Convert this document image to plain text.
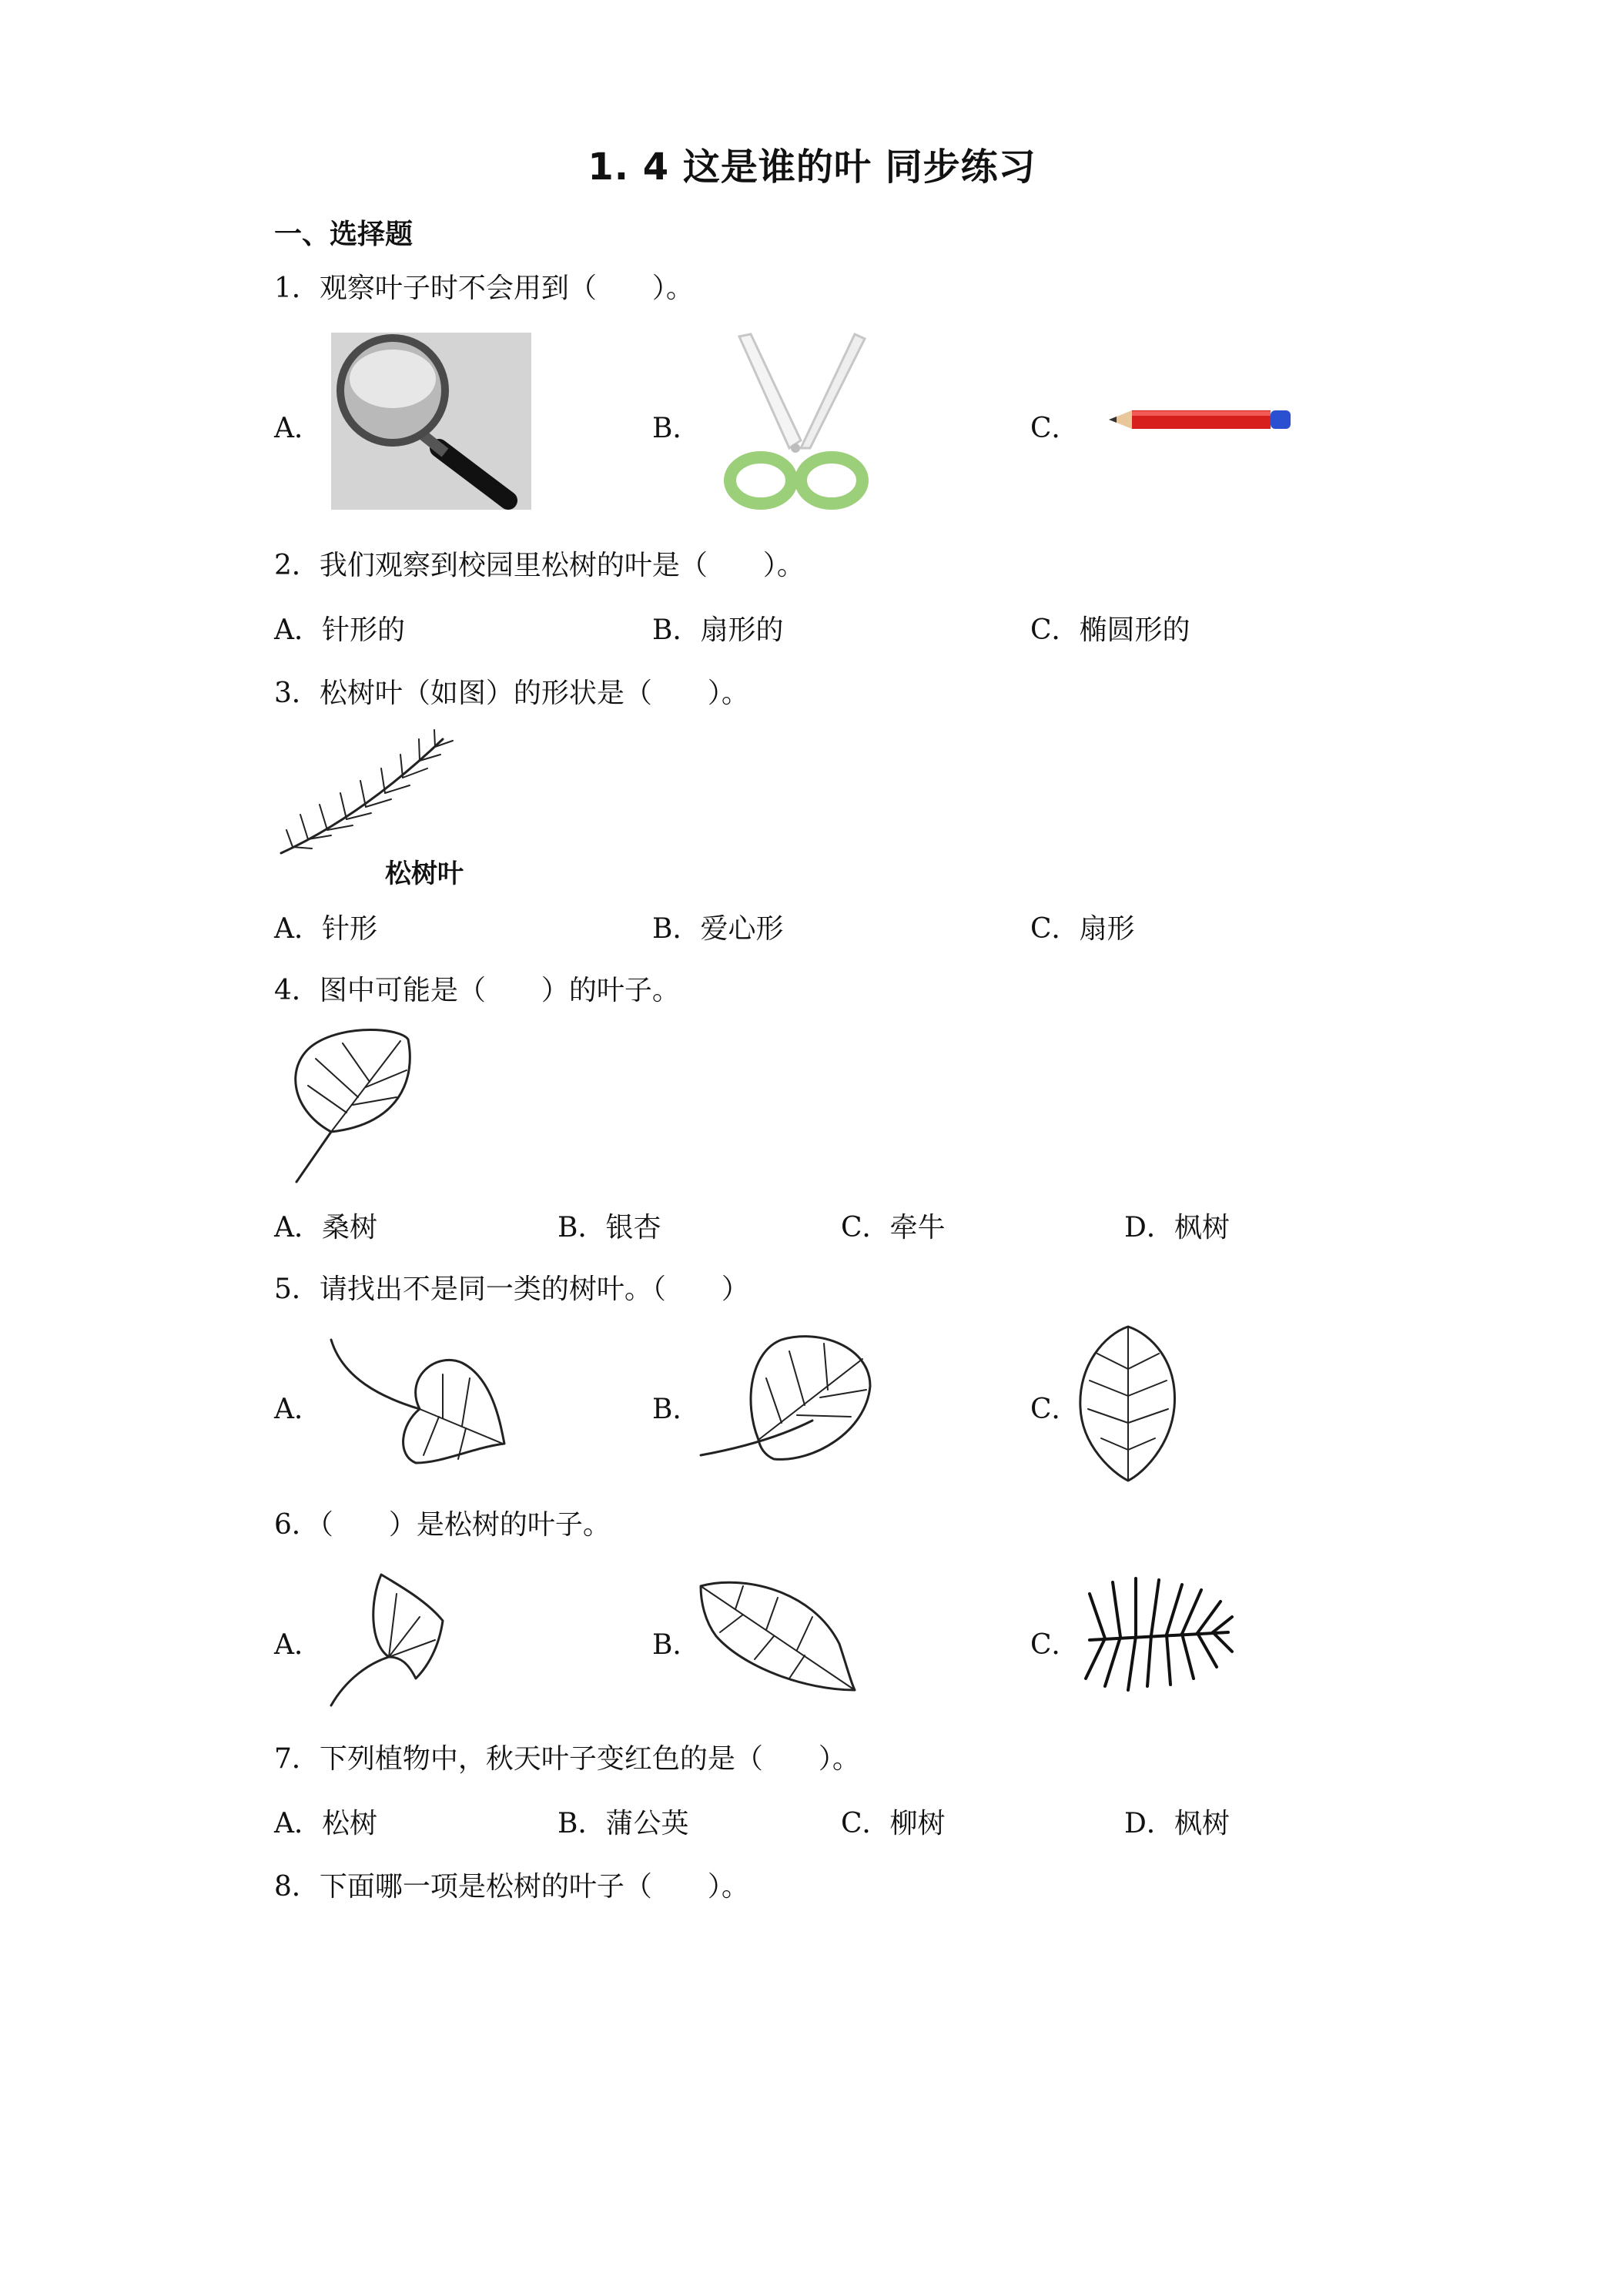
1. 4 这是谁的叶 同步练习
一、选择题
1．观察叶子时不会用到（　　）。
A．	B．	C．
2．我们观察到校园里松树的叶是（　　）。
A．针形的	B．扇形的	C．椭圆形的
3．松树叶（如图）的形状是（　　）。
松树叶
A．针形	B．爱心形	C．扇形
4．图中可能是（　　）的叶子。
A．桑树	B．银杏	C．牵牛	D．枫树
5．请找出不是同一类的树叶。（　　）
A．	B．	C．
6．（　　）是松树的叶子。
A．	B．	C．
7．下列植物中，秋天叶子变红色的是（　　）。
A．松树	B．蒲公英	C．柳树	D．枫树
8．下面哪一项是松树的叶子（　　）。
